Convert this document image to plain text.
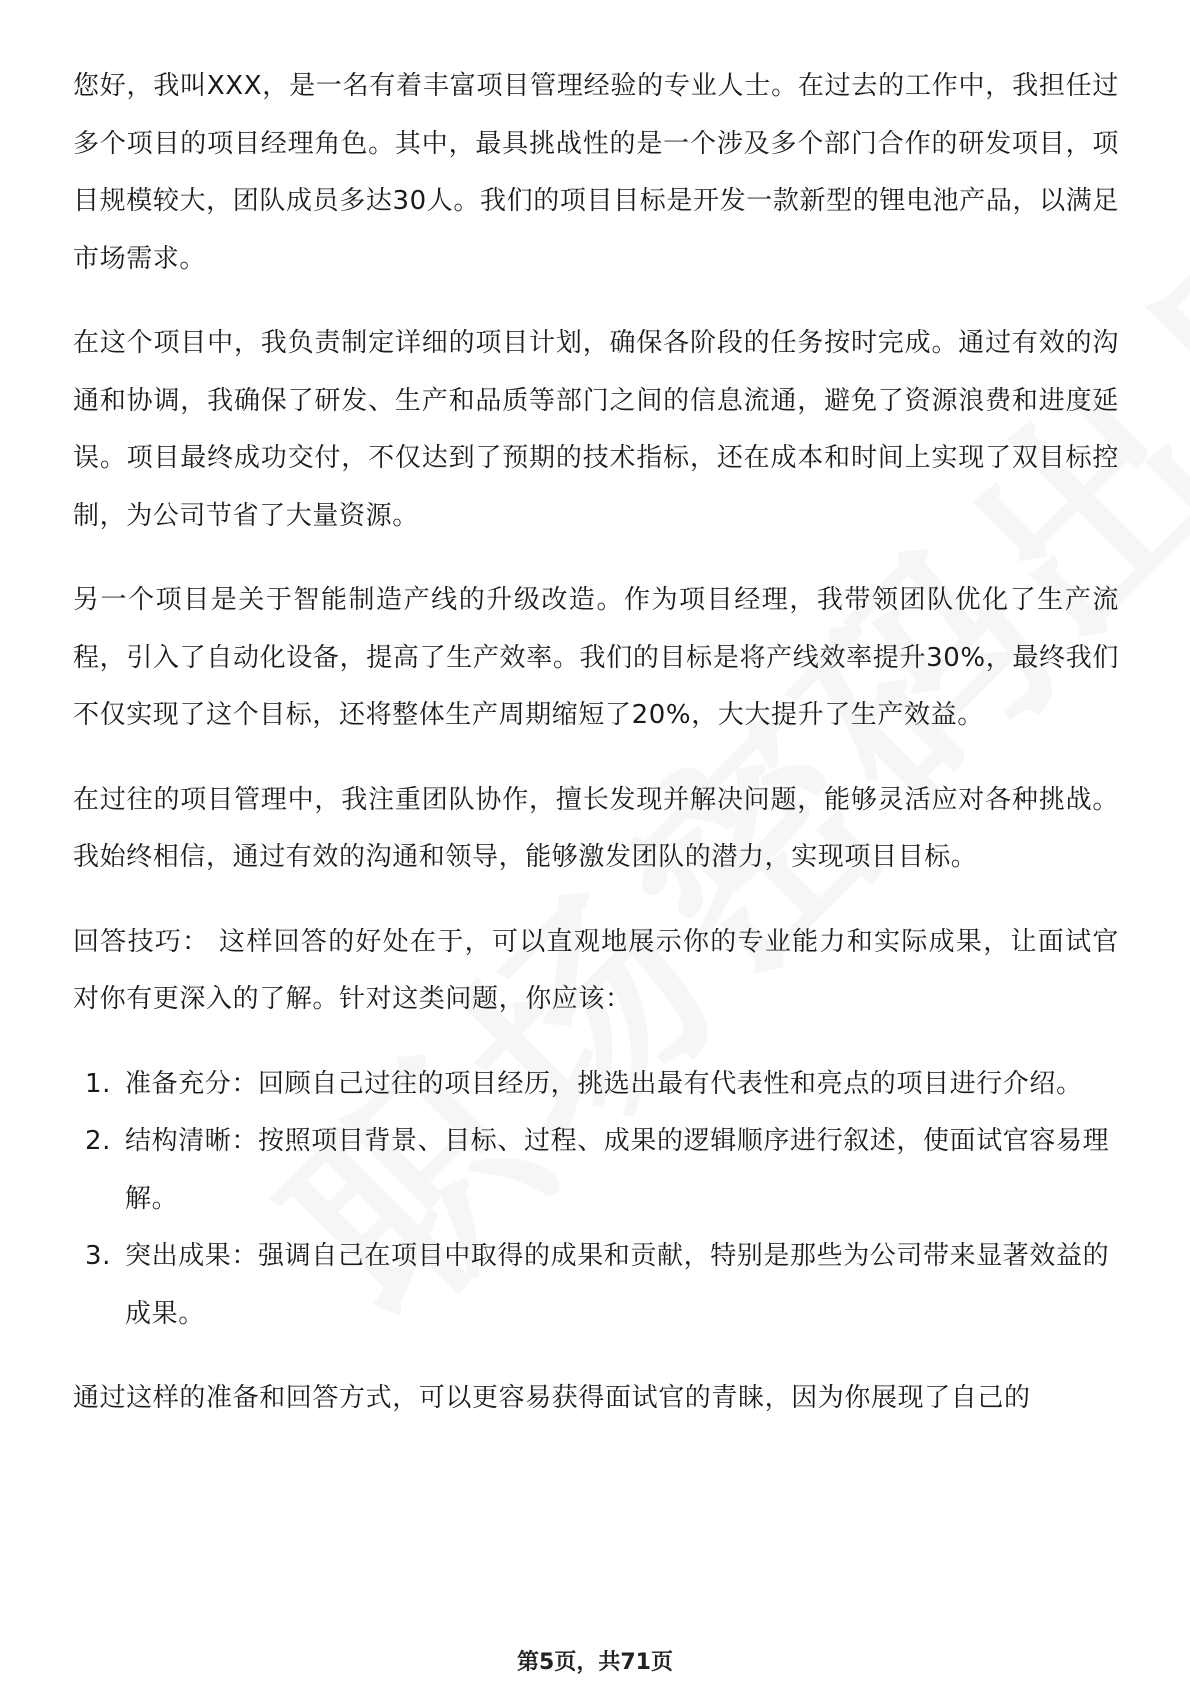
您好，我叫XXX，是一名有着丰富项目管理经验的专业人士。在过去的工作中，我担任过多个项目的项目经理角色。其中，最具挑战性的是一个涉及多个部门合作的研发项目，项目规模较大，团队成员多达30人。我们的项目目标是开发一款新型的锂电池产品，以满足市场需求。

在这个项目中，我负责制定详细的项目计划，确保各阶段的任务按时完成。通过有效的沟通和协调，我确保了研发、生产和品质等部门之间的信息流通，避免了资源浪费和进度延误。项目最终成功交付，不仅达到了预期的技术指标，还在成本和时间上实现了双目标控制，为公司节省了大量资源。

另一个项目是关于智能制造产线的升级改造。作为项目经理，我带领团队优化了生产流程，引入了自动化设备，提高了生产效率。我们的目标是将产线效率提升30%，最终我们不仅实现了这个目标，还将整体生产周期缩短了20%，大大提升了生产效益。

在过往的项目管理中，我注重团队协作，擅长发现并解决问题，能够灵活应对各种挑战。我始终相信，通过有效的沟通和领导，能够激发团队的潜力，实现项目目标。

回答技巧： 这样回答的好处在于，可以直观地展示你的专业能力和实际成果，让面试官对你有更深入的了解。针对这类问题，你应该：

1. 准备充分：回顾自己过往的项目经历，挑选出最有代表性和亮点的项目进行介绍。
2. 结构清晰：按照项目背景、目标、过程、成果的逻辑顺序进行叙述，使面试官容易理解。
3. 突出成果：强调自己在项目中取得的成果和贡献，特别是那些为公司带来显著效益的成果。

通过这样的准备和回答方式，可以更容易获得面试官的青睐，因为你展现了自己的

第5页，共71页
